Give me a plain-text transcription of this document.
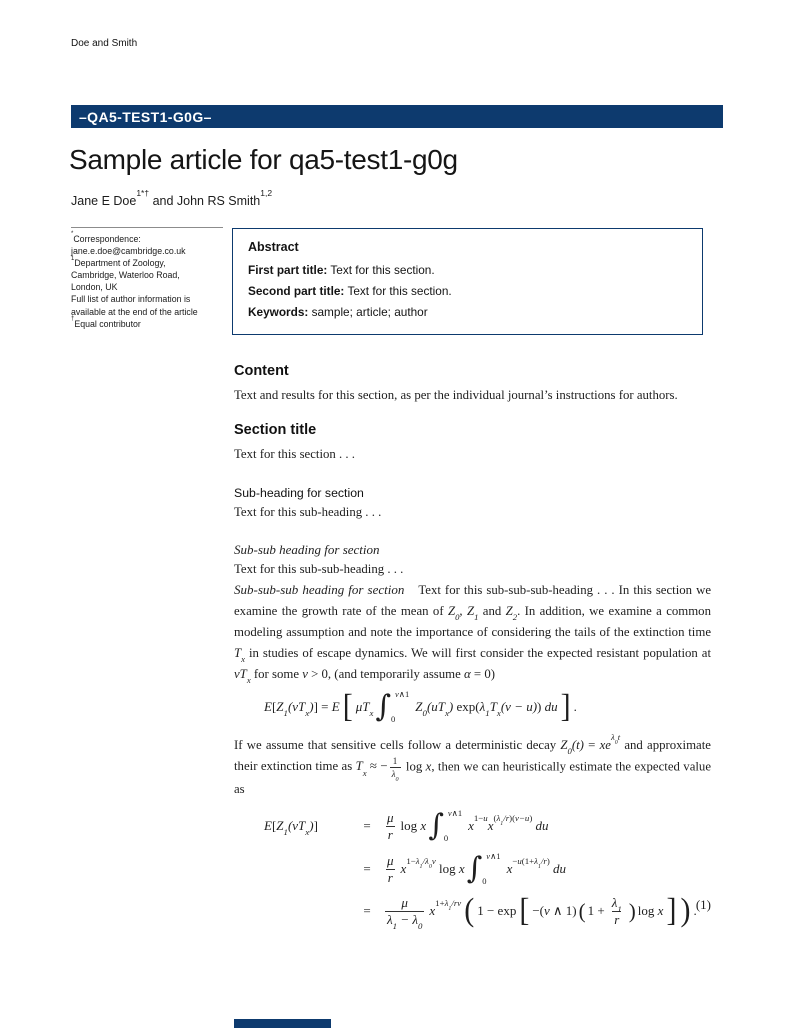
Doe and Smith
–QA5-TEST1-G0G–
Sample article for qa5-test1-g0g
Jane E Doe$^{1*\dagger}$ and John RS Smith$^{1,2}$
*Correspondence:
jane.e.doe@cambridge.co.uk
$^1$Department of Zoology,
Cambridge, Waterloo Road,
London, UK
Full list of author information is
available at the end of the article
†Equal contributor
Abstract
First part title: Text for this section.
Second part title: Text for this section.
Keywords: sample; article; author
Content

Text and results for this section, as per the individual journal’s instructions for authors.

Section title

Text for this section . . .

Sub-heading for section

Text for this sub-heading . . .

Sub-sub heading for section

Text for this sub-sub-heading . . .

Sub-sub-sub heading for section Text for this sub-sub-sub-heading . . . In this section we examine the growth rate of the mean of $Z_0$, $Z_1$ and $Z_2$. In addition, we examine a common modeling assumption and note the importance of considering the tails of the extinction time $T_x$ in studies of escape dynamics. We will first consider the expected resistant population at $vT_x$ for some v > 0, (and temporarily assume α = 0)

$E[Z_1(vT_x)] = E$ [ $\mu T_x$ ∫ v∧1
0
$Z_0(uT_x) \exp(\lambda_1T_x(v - u))$ du ] .

If we assume that sensitive cells follow a deterministic decay $Z_0(t) = xe^{\lambda_0t}$ and approximate their extinction time as $T_x$ ≈ − $\frac{1}{\lambda_0}$ log x, then we can heuristically estimate the expected value as

$E[Z_1(vT_x)]$	= $\frac{\mu}{r}$ log x ∫ v∧1
0
$x^{1-u}x^{(\lambda_1/r)(v-u)}$ du
= $\frac{\mu}{r} x^{1-\lambda_1/\lambda_0v}$ log x ∫ v∧1
0
$x^{-u(1+\lambda_1/r)}$ du
= $\frac{\mu}{\lambda_1 - \lambda_0} x^{1+\lambda_1/rv}$ ( 1 − exp [ −(v ∧ 1) ( $1 + \frac{\lambda_1}{r}$ ) log x ] ) . (1)
